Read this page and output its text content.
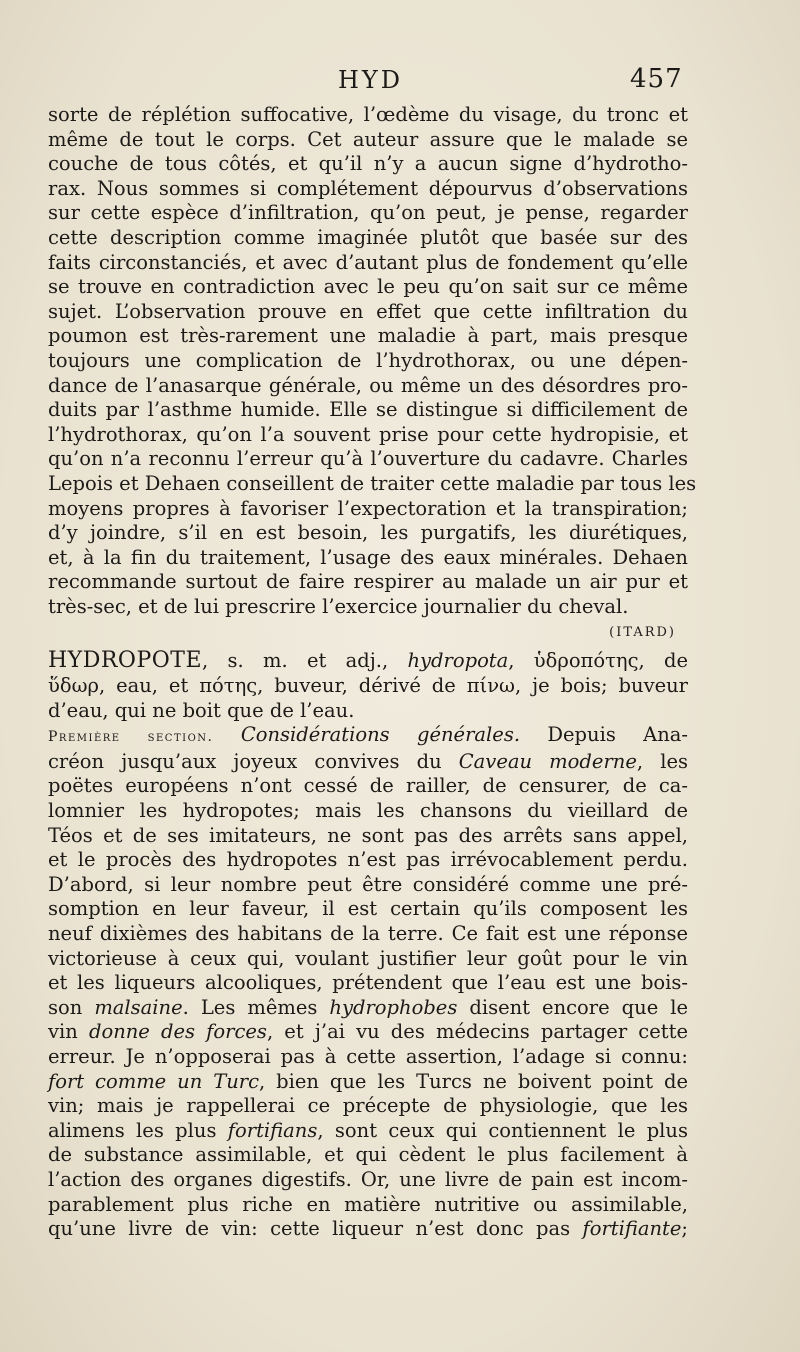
HYD	457
sorte de réplétion suffocative, l’œdème du visage, du tronc et
même de tout le corps. Cet auteur assure que le malade se
couche de tous côtés, et qu’il n’y a aucun signe d’hydrotho-
rax. Nous sommes si complétement dépourvus d’observations
sur cette espèce d’infiltration, qu’on peut, je pense, regarder
cette description comme imaginée plutôt que basée sur des
faits circonstanciés, et avec d’autant plus de fondement qu’elle
se trouve en contradiction avec le peu qu’on sait sur ce même
sujet. L’observation prouve en effet que cette infiltration du
poumon est très-rarement une maladie à part, mais presque
toujours une complication de l’hydrothorax, ou une dépen-
dance de l’anasarque générale, ou même un des désordres pro-
duits par l’asthme humide. Elle se distingue si difficilement de
l’hydrothorax, qu’on l’a souvent prise pour cette hydropisie, et
qu’on n’a reconnu l’erreur qu’à l’ouverture du cadavre. Charles
Lepois et Dehaen conseillent de traiter cette maladie par tous les
moyens propres à favoriser l’expectoration et la transpiration;
d’y joindre, s’il en est besoin, les purgatifs, les diurétiques,
et, à la fin du traitement, l’usage des eaux minérales. Dehaen
recommande surtout de faire respirer au malade un air pur et
très-sec, et de lui prescrire l’exercice journalier du cheval.
(ITARD)
HYDROPOTE, s. m. et adj., hydropota, ὑδροπότης, de
ὕδωρ, eau, et πότης, buveur, dérivé de πίνω, je bois; buveur
d’eau, qui ne boit que de l’eau.
Première section. Considérations générales. Depuis Ana-
créon jusqu’aux joyeux convives du Caveau moderne, les
poëtes européens n’ont cessé de railler, de censurer, de ca-
lomnier les hydropotes; mais les chansons du vieillard de
Téos et de ses imitateurs, ne sont pas des arrêts sans appel,
et le procès des hydropotes n’est pas irrévocablement perdu.
D’abord, si leur nombre peut être considéré comme une pré-
somption en leur faveur, il est certain qu’ils composent les
neuf dixièmes des habitans de la terre. Ce fait est une réponse
victorieuse à ceux qui, voulant justifier leur goût pour le vin
et les liqueurs alcooliques, prétendent que l’eau est une bois-
son malsaine. Les mêmes hydrophobes disent encore que le
vin donne des forces, et j’ai vu des médecins partager cette
erreur. Je n’opposerai pas à cette assertion, l’adage si connu:
fort comme un Turc, bien que les Turcs ne boivent point de
vin; mais je rappellerai ce précepte de physiologie, que les
alimens les plus fortifians, sont ceux qui contiennent le plus
de substance assimilable, et qui cèdent le plus facilement à
l’action des organes digestifs. Or, une livre de pain est incom-
parablement plus riche en matière nutritive ou assimilable,
qu’une livre de vin: cette liqueur n’est donc pas fortifiante;
